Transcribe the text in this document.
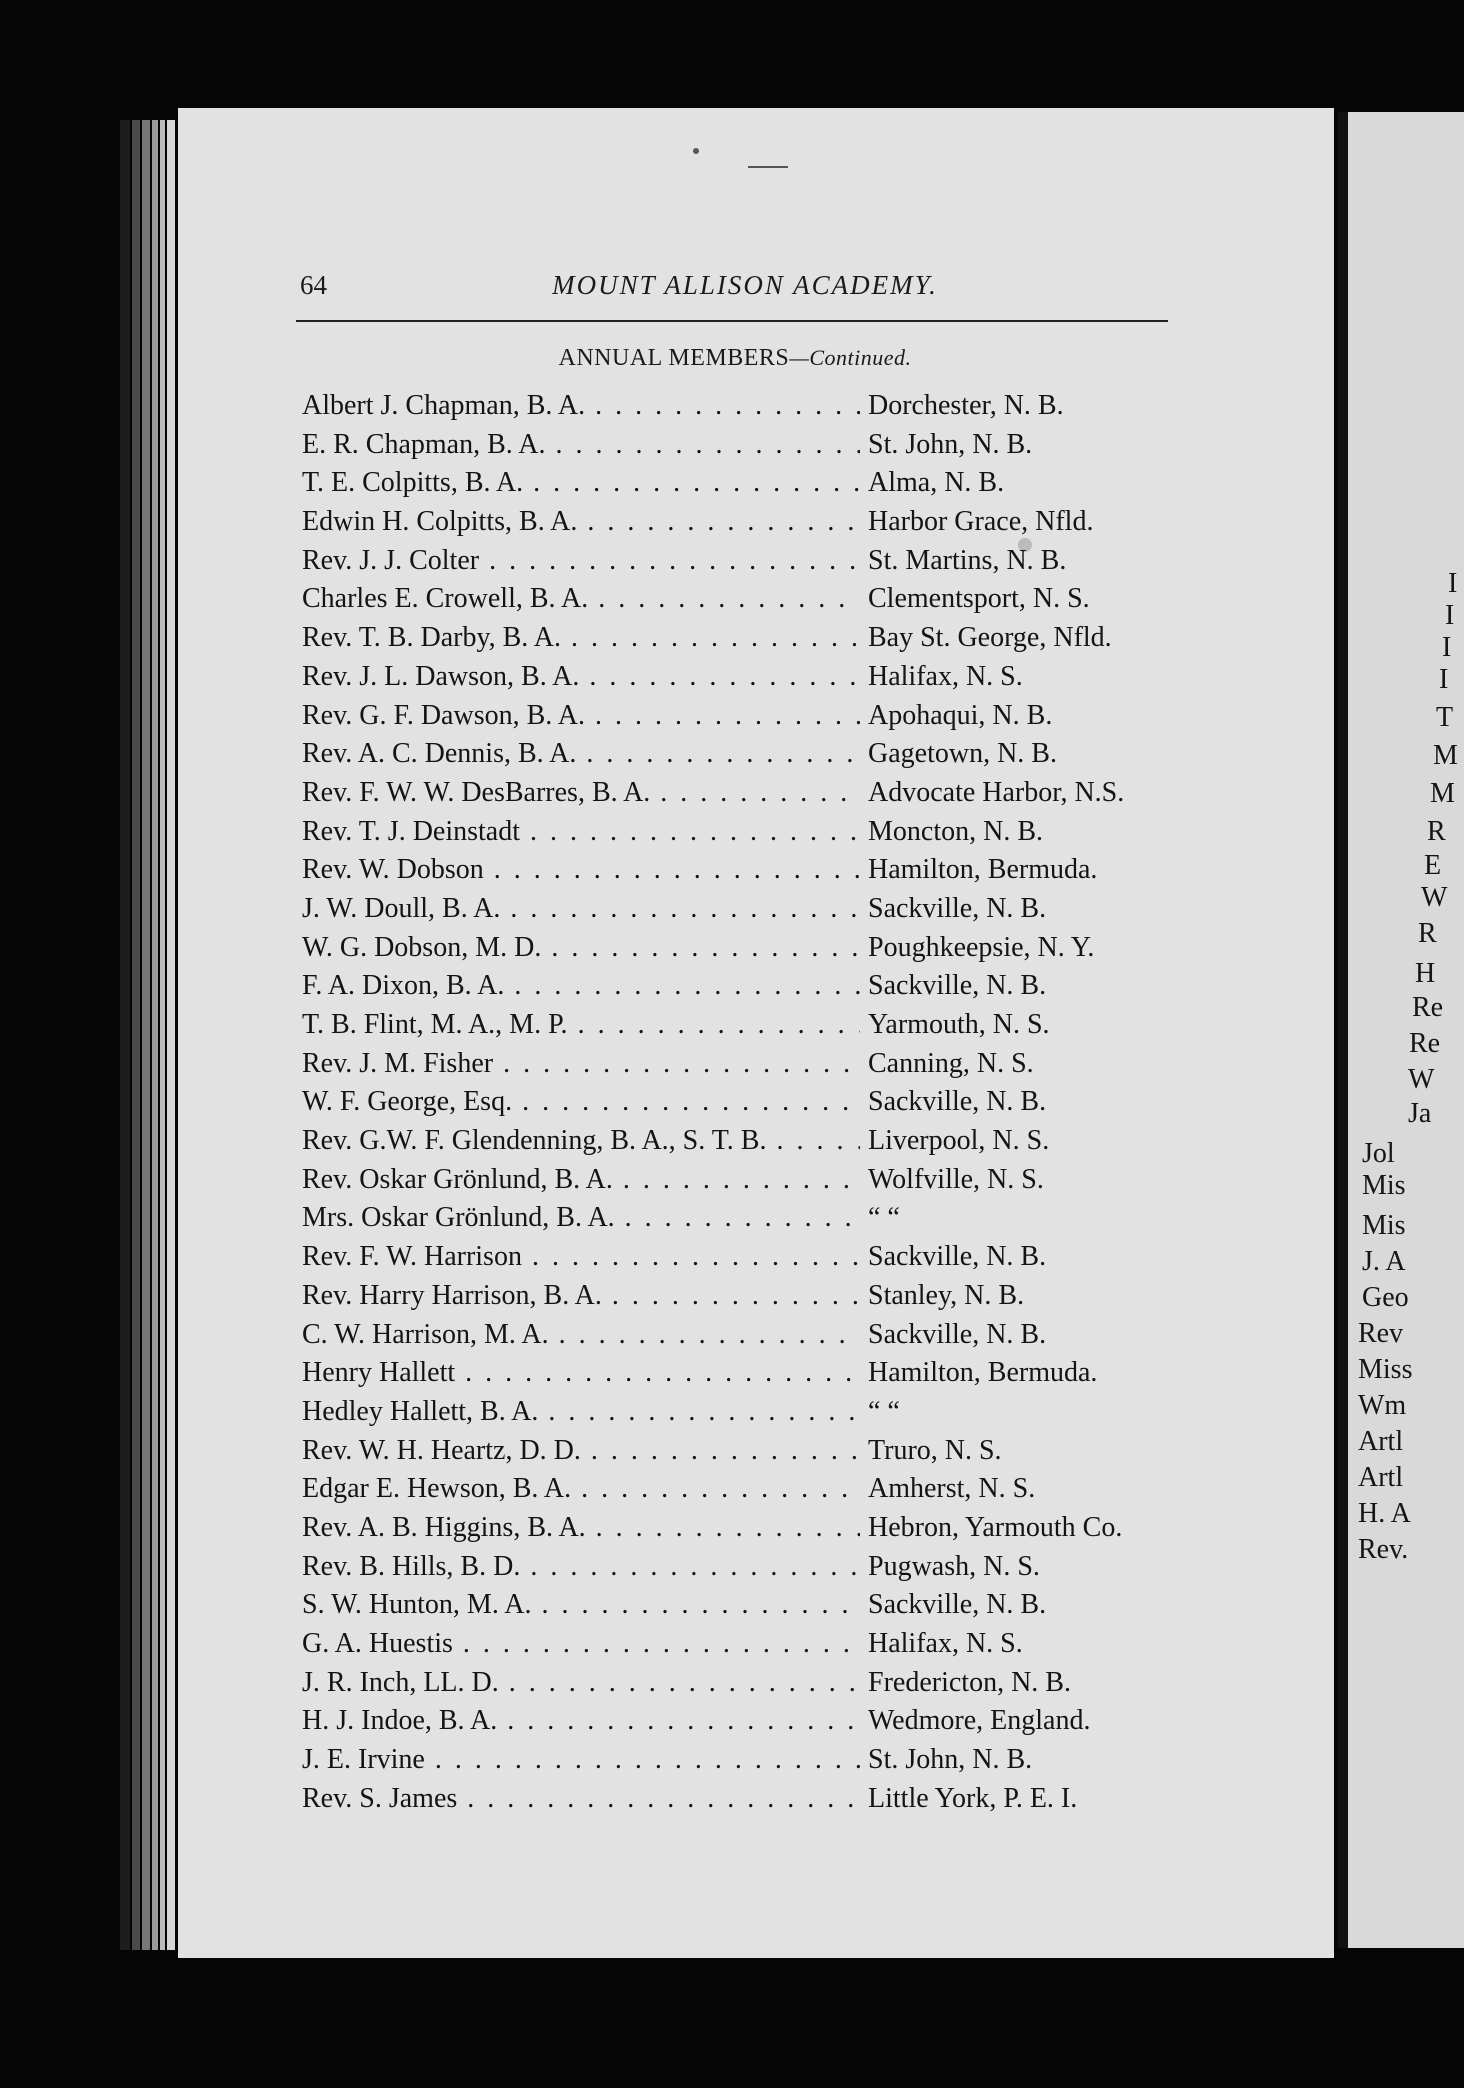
I
I
I
I
T
M
M
R
E
W
R
H
Re
Re
W
Ja
Jol
Mis
Mis
J. A
Geo
Rev
Miss
Wm
Artl
Artl
H. A
Rev.
64	MOUNT ALLISON ACADEMY.
ANNUAL MEMBERS—Continued.
Albert J. Chapman, B. A. . . .	Dorchester, N. B.
E. R. Chapman, B. A. . . .	St. John, N. B.
T. E. Colpitts, B. A. . . .	Alma, N. B.
Edwin H. Colpitts, B. A. . . .	Harbor Grace, Nfld.
Rev. J. J. Colter . . .	St. Martins, N. B.
Charles E. Crowell, B. A. . . .	Clementsport, N. S.
Rev. T. B. Darby, B. A. . . .	Bay St. George, Nfld.
Rev. J. L. Dawson, B. A. . . .	Halifax, N. S.
Rev. G. F. Dawson, B. A. . . .	Apohaqui, N. B.
Rev. A. C. Dennis, B. A. . . .	Gagetown, N. B.
Rev. F. W. W. DesBarres, B. A. . . .	Advocate Harbor, N.S.
Rev. T. J. Deinstadt . . .	Moncton, N. B.
Rev. W. Dobson . . .	Hamilton, Bermuda.
J. W. Doull, B. A. . . .	Sackville, N. B.
W. G. Dobson, M. D. . . .	Poughkeepsie, N. Y.
F. A. Dixon, B. A. . . .	Sackville, N. B.
T. B. Flint, M. A., M. P. . . .	Yarmouth, N. S.
Rev. J. M. Fisher . . .	Canning, N. S.
W. F. George, Esq. . . .	Sackville, N. B.
Rev. G.W. F. Glendenning, B. A., S. T. B. . . .	Liverpool, N. S.
Rev. Oskar Grönlund, B. A. . . .	Wolfville, N. S.
Mrs. Oskar Grönlund, B. A. . . .	“ “
Rev. F. W. Harrison . . .	Sackville, N. B.
Rev. Harry Harrison, B. A. . . .	Stanley, N. B.
C. W. Harrison, M. A. . . .	Sackville, N. B.
Henry Hallett . . .	Hamilton, Bermuda.
Hedley Hallett, B. A. . . .	“ “
Rev. W. H. Heartz, D. D. . . .	Truro, N. S.
Edgar E. Hewson, B. A. . . .	Amherst, N. S.
Rev. A. B. Higgins, B. A. . . .	Hebron, Yarmouth Co.
Rev. B. Hills, B. D. . . .	Pugwash, N. S.
S. W. Hunton, M. A. . . .	Sackville, N. B.
G. A. Huestis . . .	Halifax, N. S.
J. R. Inch, LL. D. . . .	Fredericton, N. B.
H. J. Indoe, B. A. . . .	Wedmore, England.
J. E. Irvine . . .	St. John, N. B.
Rev. S. James . . .	Little York, P. E. I.
